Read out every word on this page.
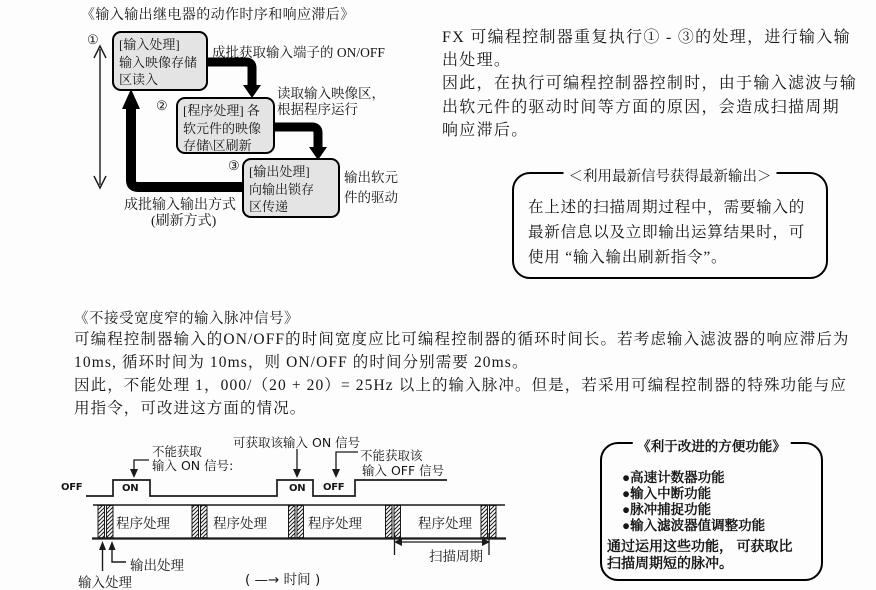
《输入输出继电器的动作时序和响应滞后》
① [输入处理]
输入映像存储
区读入
成批获取输入端子的 ON/OFF
② [程序处理] 各
软元件的映像
存储\区刷新
读取输入映像区，
根据程序运行
③ [输出处理]
向输出锁存
区传递
输出软元
件的驱动
成批输入输出方式
(刷新方式)
FX 可编程控制器重复执行① - ③的处理，进行输入输
出处理。
因此，在执行可编程控制器控制时，由于输入滤波与输
出软元件的驱动时间等方面的原因，会造成扫描周期
响应滞后。
＜利用最新信号获得最新输出＞
在上述的扫描周期过程中，需要输入的
最新信息以及立即输出运算结果时，可
使用 “输入输出刷新指令”。
《不接受宽度窄的输入脉冲信号》
可编程控制器输入的ON/OFF的时间宽度应比可编程控制器的循环时间长。若考虑输入滤波器的响应滞后为
10ms, 循环时间为 10ms，则 ON/OFF 的时间分别需要 20ms。
因此，不能处理 1，000/（20 + 20）= 25Hz 以上的输入脉冲。但是，若采用可编程控制器的特殊功能与应
用指令，可改进这方面的情况。
不能获取
输入 ON 信号:
可获取该输入 ON 信号
不能获取该
输入 OFF 信号
OFF	ON	ON OFF
程序处理	程序处理	程序处理	程序处理
输出处理
输入处理	( —→ 时间 )
扫描周期
《利于改进的方便功能》
●高速计数器功能
●输入中断功能
●脉冲捕捉功能
●输入滤波器值调整功能
通过运用这些功能， 可获取比
扫描周期短的脉冲。
